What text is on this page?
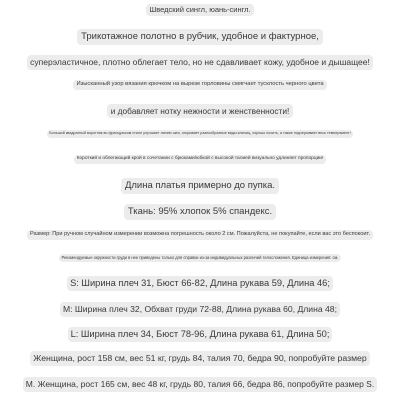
Шведский сингл, юань-сингл.
Трикотажное полотно в рубчик, удобное и фактурное,
суперэластичное, плотно облегает тело, но не сдавливает кожу, удобное и дышащее!
Изысканный узор вязания крючком на вырезе горловины смягчает тусклость черного цвета
и добавляет нотку нежности и женственности!
Большой квадратный воротник во французском стиле улучшает линию шеи, открывает разнообразные виды ключиц, хорошо носить, а также подчеркивает весь темперамент!
Короткий и облегающий крой в сочетании с брюками/юбкой с высокой талией визуально удлиняет пропорции!
Длина платья примерно до пупка.
Ткань: 95% хлопок 5% спандекс.
Размер: При ручном случайном измерении возможна погрешность около 2 см. Пожалуйста, не покупайте, если вас это беспокоит.
Рекомендуемые окружности груди в нее приведены только для справки из-за индивидуальных различий телосложения. Единица измерения: см.
S: Ширина плеч 31, Бюст 66-82, Длина рукава 59, Длина 46;
M: Ширина плеч 32, Обхват груди 72-88, Длина рукава 60, Длина 48;
L: Ширина плеч 34, Бюст 78-96, Длина рукава 61, Длина 50;
Женщина, рост 158 см, вес 51 кг, грудь 84, талия 70, бедра 90, попробуйте размер
M. Женщина, рост 165 см, вес 48 кг, грудь 80, талия 66, бедра 86, попробуйте размер S.
